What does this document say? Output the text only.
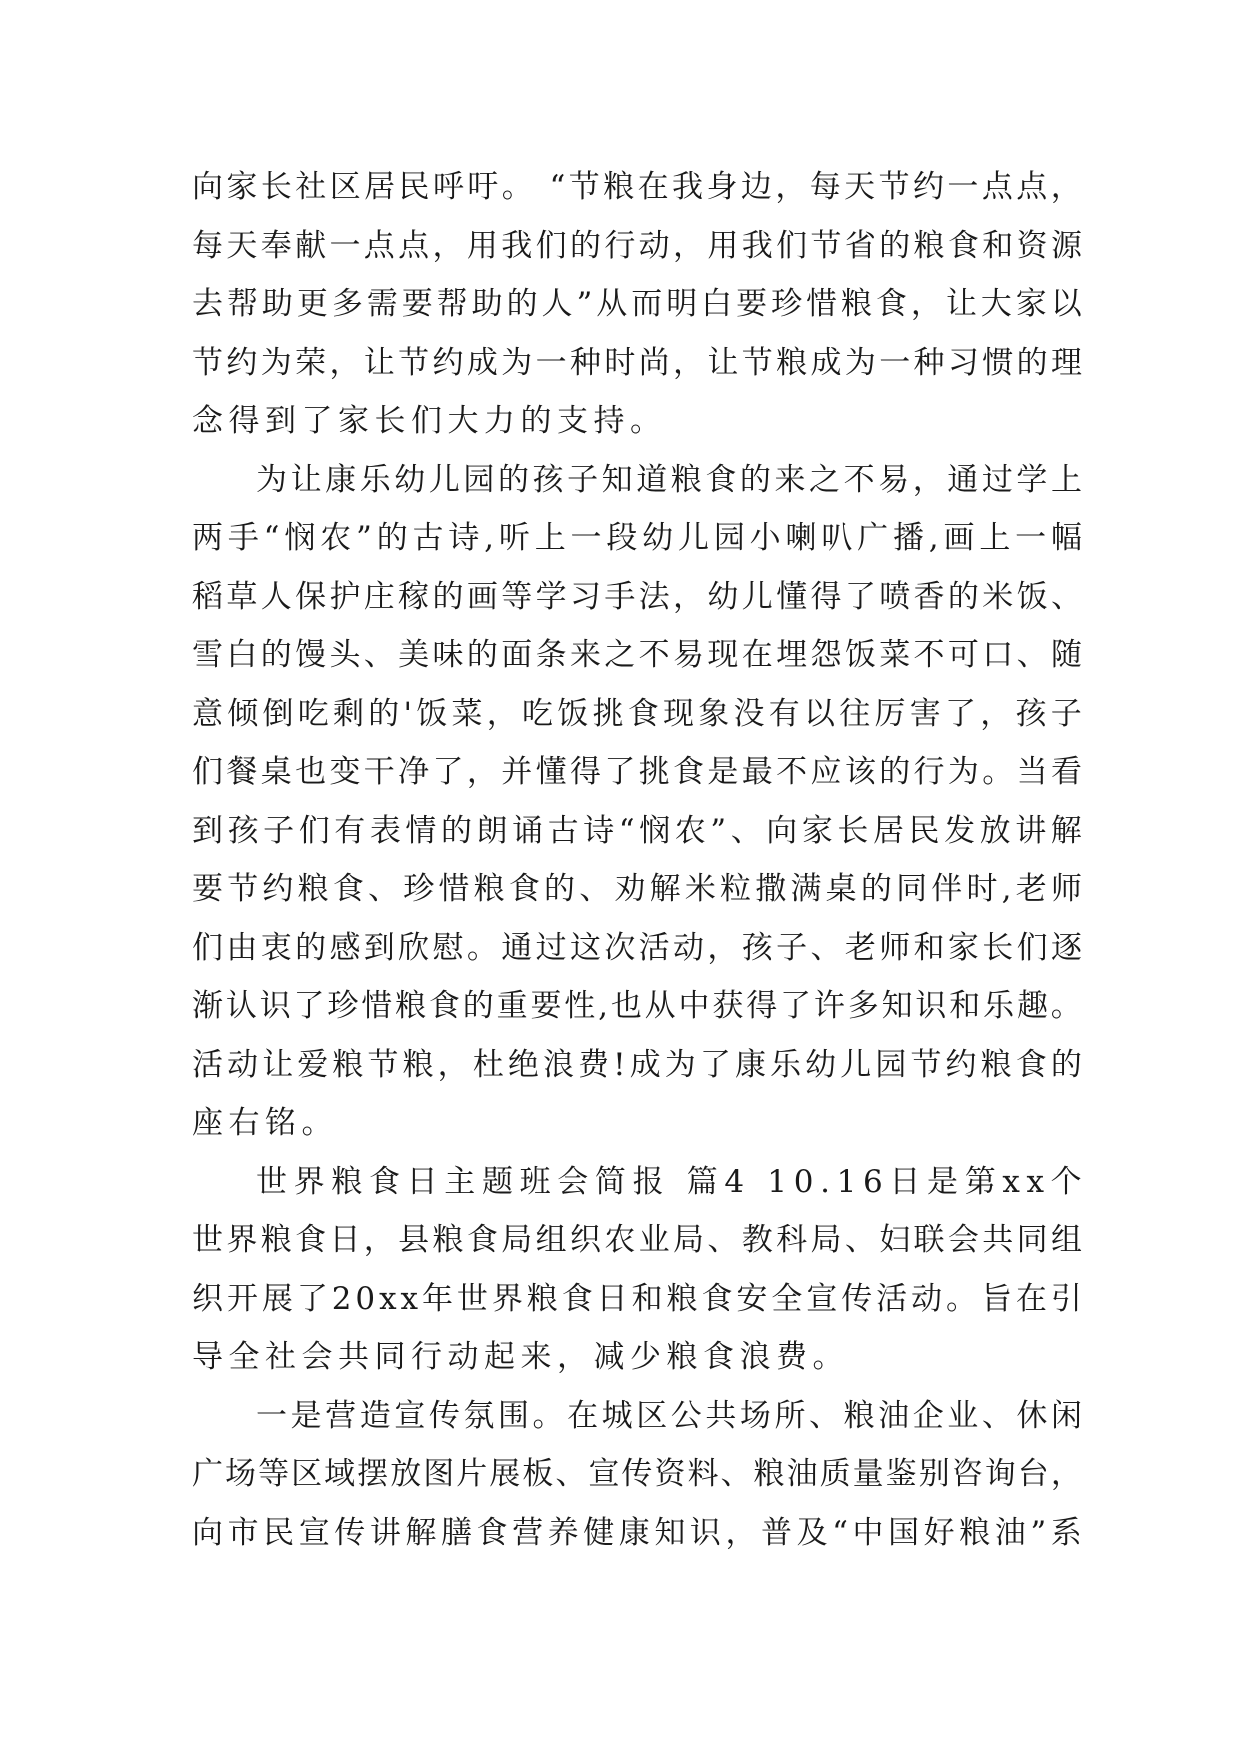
向 家 长 社 区 居 民 呼 吁 。
“ 节 粮 在 我 身 边 ， 每 天 节 约 一 点 点 ，
每 天 奉 献 一 点 点 ， 用 我 们 的 行 动 ， 用 我 们 节 省 的 粮 食 和 资 源
去 帮 助 更 多 需 要 帮 助 的 人 ” 从 而 明 白 要 珍 惜 粮 食 ， 让 大 家 以
节 约 为 荣 ， 让 节 约 成 为 一 种 时 尚 ， 让 节 粮 成 为 一 种 习 惯 的 理
念得到了家长们大力的支持。
为 让 康 乐 幼 儿 园 的 孩 子 知 道 粮 食 的 来 之 不 易 ， 通 过 学 上
两 手 “ 悯 农 ” 的 古 诗 , 听 上 一 段 幼 儿 园 小 喇 叭 广 播 , 画 上 一 幅
稻 草 人 保 护 庄 稼 的 画 等 学 习 手 法 ， 幼 儿 懂 得 了 喷 香 的 米 饭 、
雪 白 的 馒 头 、 美 味 的 面 条 来 之 不 易 现 在 埋 怨 饭 菜 不 可 口 、 随
意 倾 倒 吃 剩 的 ' 饭 菜 ， 吃 饭 挑 食 现 象 没 有 以 往 厉 害 了 ， 孩 子
们 餐 桌 也 变 干 净 了 ， 并 懂 得 了 挑 食 是 最 不 应 该 的 行 为 。 当 看
到 孩 子 们 有 表 情 的 朗 诵 古 诗 “ 悯 农 ” 、 向 家 长 居 民 发 放 讲 解
要 节 约 粮 食 、 珍 惜 粮 食 的 、 劝 解 米 粒 撒 满 桌 的 同 伴 时 , 老 师
们 由 衷 的 感 到 欣 慰 。 通 过 这 次 活 动 ， 孩 子 、 老 师 和 家 长 们 逐
渐 认 识 了 珍 惜 粮 食 的 重 要 性 , 也 从 中 获 得 了 许 多 知 识 和 乐 趣 。
活 动 让 爱 粮 节 粮 ， 杜 绝 浪 费 ! 成 为 了 康 乐 幼 儿 园 节 约 粮 食 的
座右铭。
世 界 粮 食 日 主 题 班 会 简 报
篇 4
1 0 . 1 6 日 是 第 x x 个
世 界 粮 食 日 ， 县 粮 食 局 组 织 农 业 局 、 教 科 局 、 妇 联 会 共 同 组
织 开 展 了 2 0 x x 年 世 界 粮 食 日 和 粮 食 安 全 宣 传 活 动 。 旨 在 引
导全社会共同行动起来，减少粮食浪费。
一 是 营 造 宣 传 氛 围 。 在 城 区 公 共 场 所 、 粮 油 企 业 、 休 闲
广 场 等 区 域 摆 放 图 片 展 板 、 宣 传 资 料 、 粮 油 质 量 鉴 别 咨 询 台 ，
向 市 民 宣 传 讲 解 膳 食 营 养 健 康 知 识 ， 普 及 “ 中 国 好 粮 油 ” 系
